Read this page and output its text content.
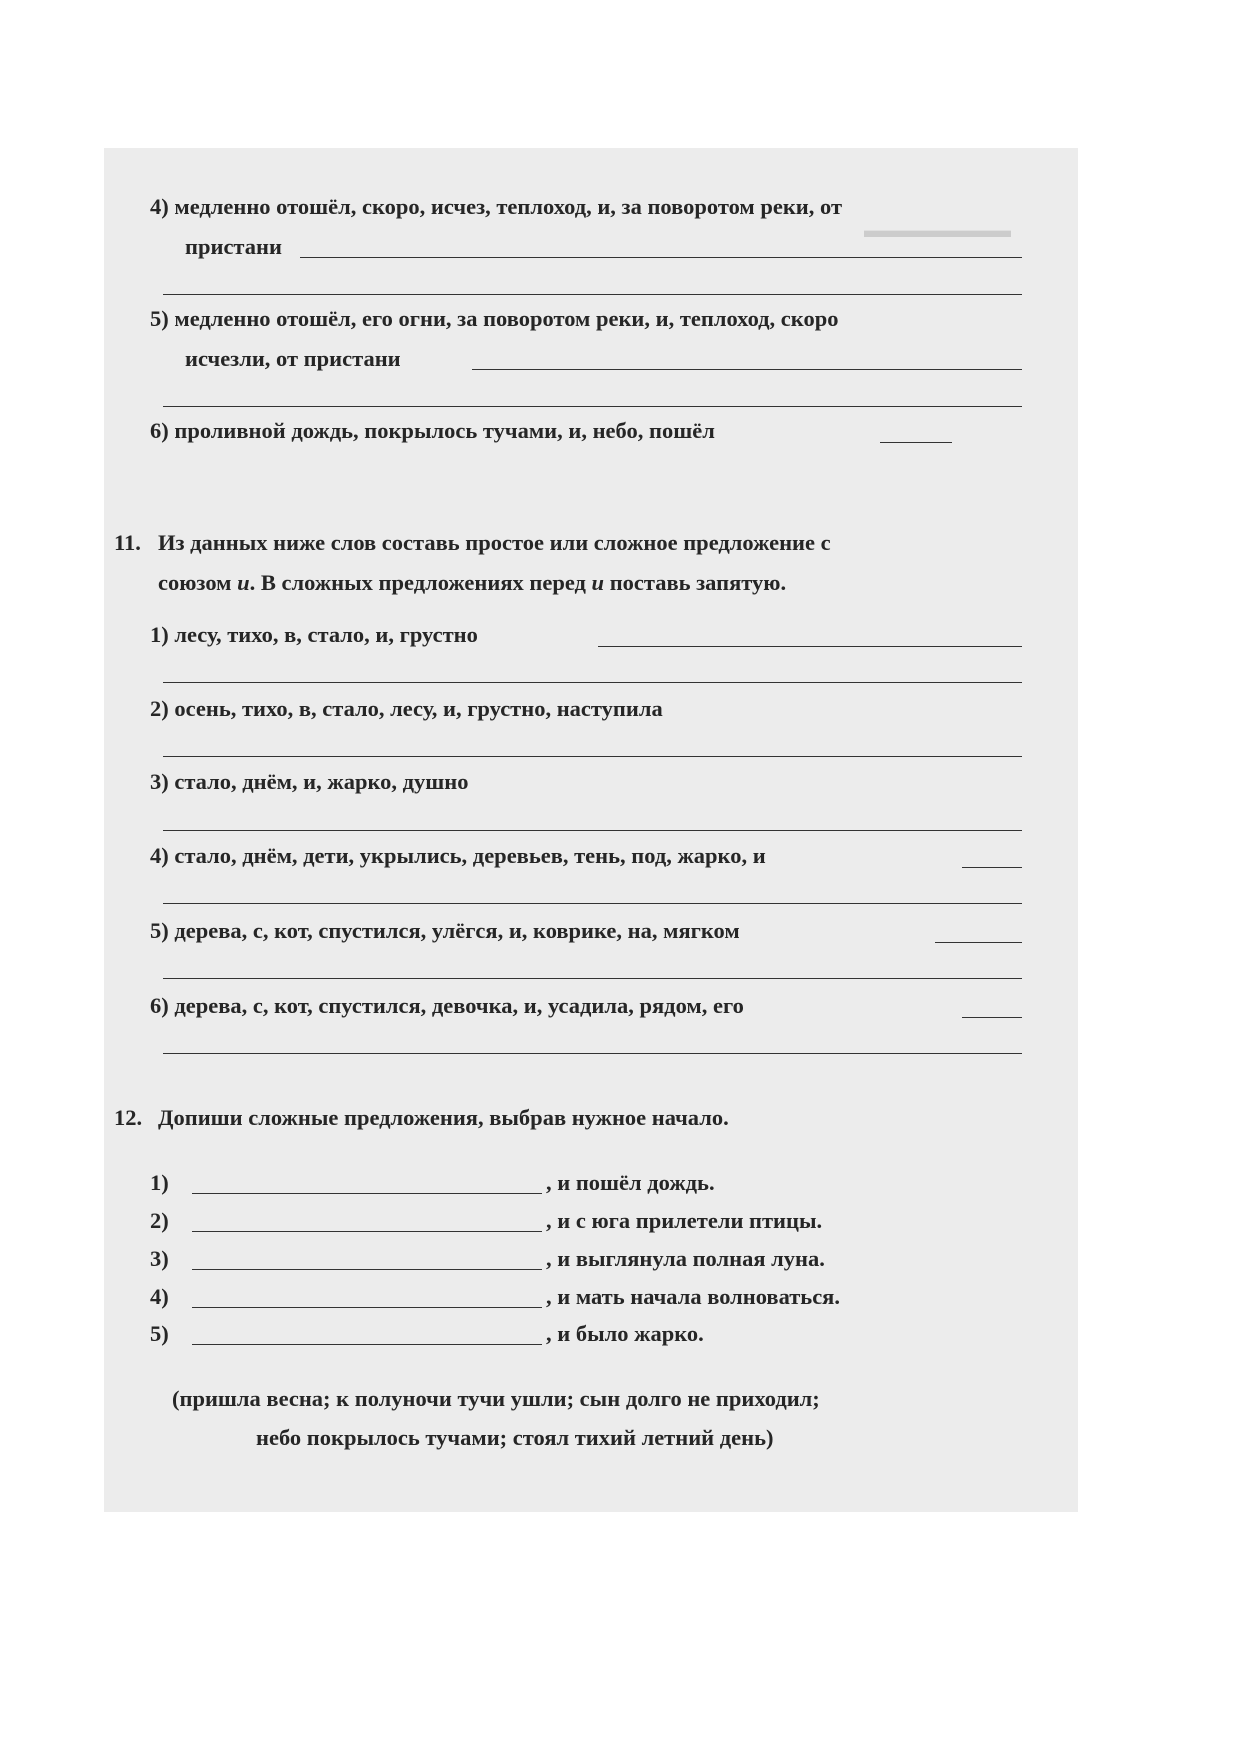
▬▬▬▬▬▬▬
4) медленно отошёл, скоро, исчез, теплоход, и, за поворотом реки, от
пристани
5) медленно отошёл, его огни, за поворотом реки, и, теплоход, скоро
исчезли, от пристани
6) проливной дождь, покрылось тучами, и, небо, пошёл
11. Из данных ниже слов составь простое или сложное предложение с
союзом и. В сложных предложениях перед и поставь запятую.
1) лесу, тихо, в, стало, и, грустно
2) осень, тихо, в, стало, лесу, и, грустно, наступила
3) стало, днём, и, жарко, душно
4) стало, днём, дети, укрылись, деревьев, тень, под, жарко, и
5) дерева, с, кот, спустился, улёгся, и, коврике, на, мягком
6) дерева, с, кот, спустился, девочка, и, усадила, рядом, его
12. Допиши сложные предложения, выбрав нужное начало.
1)	, и пошёл дождь.
2)	, и с юга прилетели птицы.
3)	, и выглянула полная луна.
4)	, и мать начала волноваться.
5)	, и было жарко.
(пришла весна; к полуночи тучи ушли; сын долго не приходил;
небо покрылось тучами; стоял тихий летний день)
